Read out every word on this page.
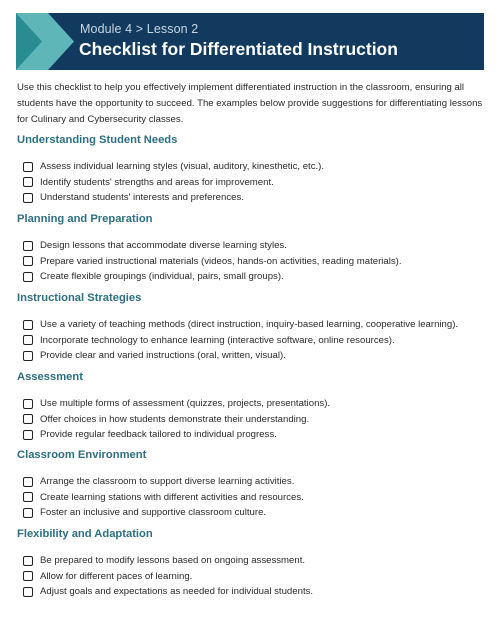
Module 4 > Lesson 2
Checklist for Differentiated Instruction

Use this checklist to help you effectively implement differentiated instruction in the classroom, ensuring all students have the opportunity to succeed. The examples below provide suggestions for differentiating lessons for Culinary and Cybersecurity classes.

Understanding Student Needs
Assess individual learning styles (visual, auditory, kinesthetic, etc.).
Identify students' strengths and areas for improvement.
Understand students' interests and preferences.
Planning and Preparation
Design lessons that accommodate diverse learning styles.
Prepare varied instructional materials (videos, hands-on activities, reading materials).
Create flexible groupings (individual, pairs, small groups).
Instructional Strategies
Use a variety of teaching methods (direct instruction, inquiry-based learning, cooperative learning).
Incorporate technology to enhance learning (interactive software, online resources).
Provide clear and varied instructions (oral, written, visual).
Assessment
Use multiple forms of assessment (quizzes, projects, presentations).
Offer choices in how students demonstrate their understanding.
Provide regular feedback tailored to individual progress.
Classroom Environment
Arrange the classroom to support diverse learning activities.
Create learning stations with different activities and resources.
Foster an inclusive and supportive classroom culture.
Flexibility and Adaptation
Be prepared to modify lessons based on ongoing assessment.
Allow for different paces of learning.
Adjust goals and expectations as needed for individual students.
